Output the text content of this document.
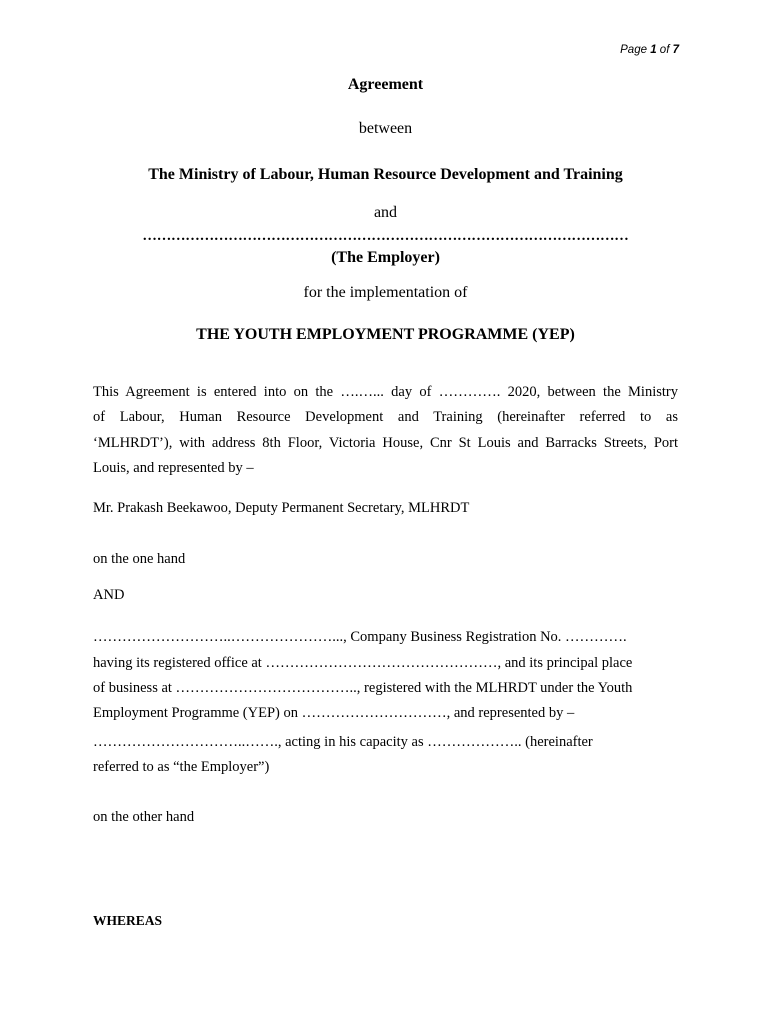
Page 1 of 7
Agreement
between
The Ministry of Labour, Human Resource Development and Training
and
…………………………………………………………………………………………
(The Employer)
for the implementation of
THE YOUTH EMPLOYMENT PROGRAMME (YEP)
This Agreement is entered into on the ….…... day of …………. 2020, between the Ministry
of Labour, Human Resource Development and Training (hereinafter referred to as
‘MLHRDT’), with address 8th Floor, Victoria House, Cnr St Louis and Barracks Streets, Port
Louis, and represented by –
Mr. Prakash Beekawoo, Deputy Permanent Secretary, MLHRDT
on the one hand
AND
………………………..…………………..., Company Business Registration No. ………….
having its registered office at …………………………………………, and its principal place
of business at ……………………………….., registered with the MLHRDT under the Youth
Employment Programme (YEP) on …………………………, and represented by –
…………………………..……., acting in his capacity as ……………….. (hereinafter
referred to as “the Employer”)
on the other hand
WHEREAS
